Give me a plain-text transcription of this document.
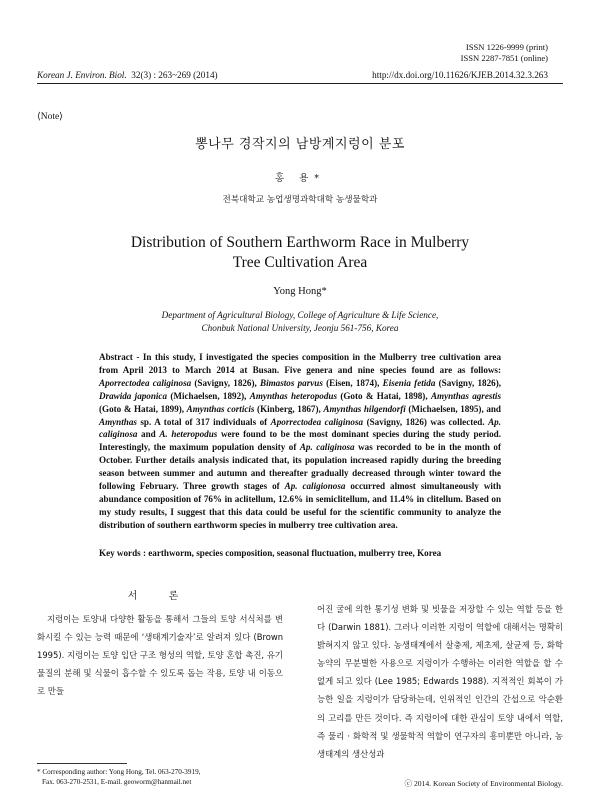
ISSN 1226-9999 (print)
ISSN 2287-7851 (online)
Korean J. Environ. Biol. 32(3) : 263~269 (2014)	http://dx.doi.org/10.11626/KJEB.2014.32.3.263
⟨Note⟩
뽕나무 경작지의 남방계지렁이 분포
홍 용*
전북대학교 농업생명과학대학 농생물학과
Distribution of Southern Earthworm Race in Mulberry
Tree Cultivation Area
Yong Hong*
Department of Agricultural Biology, College of Agriculture & Life Science,
Chonbuk National University, Jeonju 561-756, Korea

Abstract - In this study, I investigated the species composition in the Mulberry tree cultivation area from April 2013 to March 2014 at Busan. Five genera and nine species found are as follows: Aporrectodea caliginosa (Savigny, 1826), Bimastos parvus (Eisen, 1874), Eisenia fetida (Savigny, 1826), Drawida japonica (Michaelsen, 1892), Amynthas heteropodus (Goto & Hatai, 1898), Amynthas agrestis (Goto & Hatai, 1899), Amynthas corticis (Kinberg, 1867), Amynthas hilgendorfi (Michaelsen, 1895), and Amynthas sp. A total of 317 individuals of Aporrectodea caliginosa (Savigny, 1826) was collected. Ap. caliginosa and A. heteropodus were found to be the most dominant species during the study period. Interestingly, the maximum population density of Ap. caliginosa was recorded to be in the month of October. Further details analysis indicated that, its population increased rapidly during the breeding season between summer and autumn and thereafter gradually decreased through winter toward the following February. Three growth stages of Ap. caligionosa occurred almost simultaneously with abundance composition of 76% in aclitellum, 12.6% in semiclitellum, and 11.4% in clitellum. Based on my study results, I suggest that this data could be useful for the scientific community to analyze the distribution of southern earthworm species in mulberry tree cultivation area.

Key words : earthworm, species composition, seasonal fluctuation, mulberry tree, Korea
서 론

지렁이는 토양내 다양한 활동을 통해서 그들의 토양 서식처를 변화시킬 수 있는 능력 때문에 ‘생태계기술자’로 알려져 있다 (Brown 1995). 지렁이는 토양 입단 구조 형성의 역할, 토양 혼합 촉진, 유기물질의 분해 및 식물이 흡수할 수 있도록 돕는 작용, 토양 내 이동으로 만들

어진 굴에 의한 통기성 변화 및 빗물을 저장할 수 있는 역할 등을 한다 (Darwin 1881). 그러나 이러한 지렁이 역할에 대해서는 명확히 밝혀지지 않고 있다. 농생태계에서 살충제, 제초제, 살균제 등, 화학 농약의 무분별한 사용으로 지렁이가 수행하는 이러한 역할을 할 수 없게 되고 있다 (Lee 1985; Edwards 1988). 지적적인 회복이 가능한 일을 지렁이가 담당하는데, 인위적인 인간의 간섭으로 악순환의 고리를 만든 것이다. 즉 지렁이에 대한 관심이 토양 내에서 역할, 즉 물리 · 화학적 및 생물학적 역할이 연구자의 흥미뿐만 아니라, 농생태계의 생산성과

* Corresponding author: Yong Hong, Tel. 063-270-3919,
Fax. 063-270-2531, E-mail. geoworm@hanmail.net	ⓒ 2014. Korean Society of Environmental Biology.
